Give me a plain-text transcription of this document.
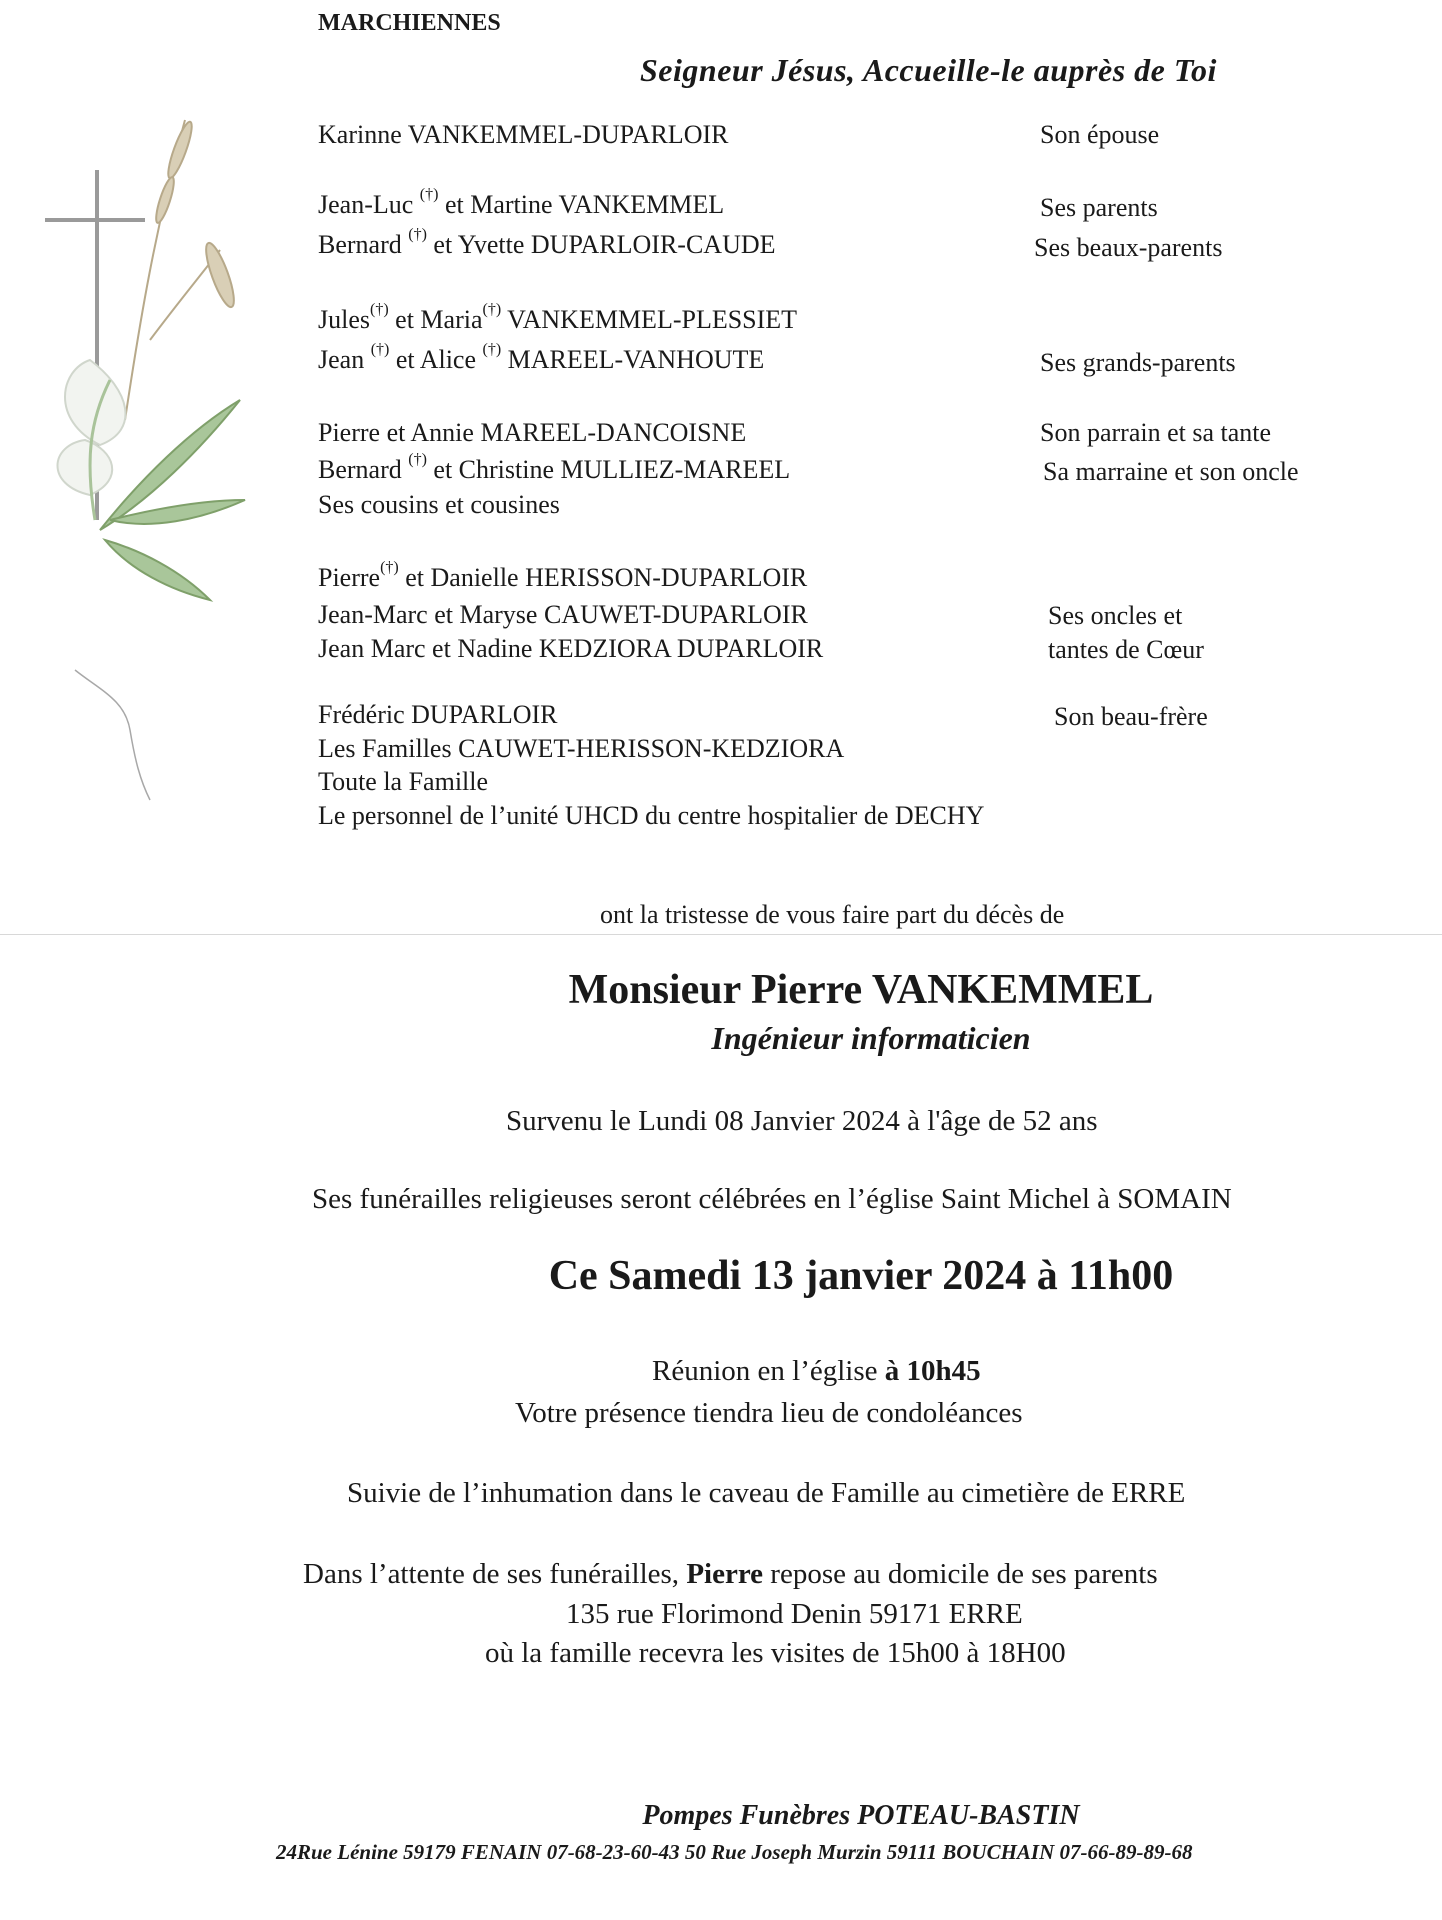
MARCHIENNES
Seigneur Jésus, Accueille-le auprès de Toi
Karinne VANKEMMEL-DUPARLOIR	Son épouse
Jean-Luc (†) et Martine VANKEMMEL	Ses parents
Bernard (†) et Yvette DUPARLOIR-CAUDE	Ses beaux-parents
Jules(†) et Maria(†) VANKEMMEL-PLESSIET
Jean (†) et Alice (†) MAREEL-VANHOUTE	Ses grands-parents
Pierre et Annie MAREEL-DANCOISNE	Son parrain et sa tante
Bernard (†) et Christine MULLIEZ-MAREEL	Sa marraine et son oncle
Ses cousins et cousines
Pierre(†) et Danielle HERISSON-DUPARLOIR
Jean-Marc et Maryse CAUWET-DUPARLOIR	Ses oncles et
Jean Marc et Nadine KEDZIORA DUPARLOIR	tantes de Cœur
Frédéric DUPARLOIR	Son beau-frère
Les Familles CAUWET-HERISSON-KEDZIORA
Toute la Famille
Le personnel de l’unité UHCD du centre hospitalier de DECHY
ont la tristesse de vous faire part du décès de
Monsieur Pierre VANKEMMEL
Ingénieur informaticien
Survenu le Lundi 08 Janvier 2024 à l'âge de 52 ans
Ses funérailles religieuses seront célébrées en l’église Saint Michel à SOMAIN
Ce Samedi 13 janvier 2024 à 11h00
Réunion en l’église à 10h45
Votre présence tiendra lieu de condoléances
Suivie de l’inhumation dans le caveau de Famille au cimetière de ERRE
Dans l’attente de ses funérailles, Pierre repose au domicile de ses parents
135 rue Florimond Denin 59171 ERRE
où la famille recevra les visites de 15h00 à 18H00
Pompes Funèbres POTEAU-BASTIN
24Rue Lénine 59179 FENAIN 07-68-23-60-43 50 Rue Joseph Murzin 59111 BOUCHAIN 07-66-89-89-68
